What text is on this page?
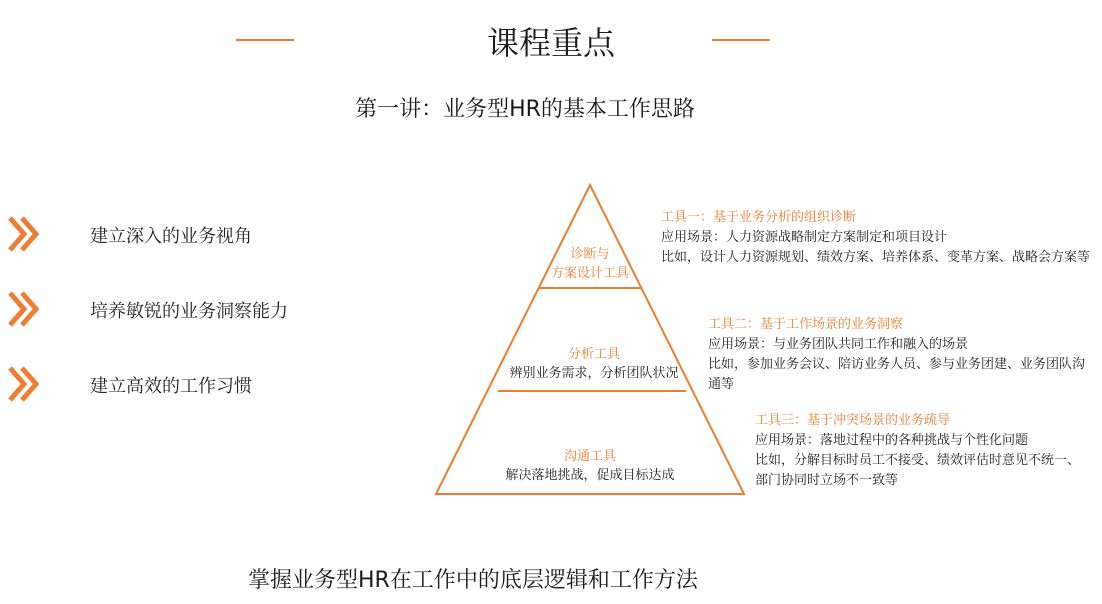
课程重点
第一讲：业务型HR的基本工作思路
建立深入的业务视角
培养敏锐的业务洞察能力
建立高效的工作习惯
诊断与
方案设计工具
分析工具
辨别业务需求，分析团队状况
沟通工具
解决落地挑战，促成目标达成
工具一：基于业务分析的组织诊断
应用场景：人力资源战略制定方案制定和项目设计
比如，设计人力资源规划、绩效方案、培养体系、变革方案、战略会方案等
工具二：基于工作场景的业务洞察
应用场景：与业务团队共同工作和融入的场景
比如，参加业务会议、陪访业务人员、参与业务团建、业务团队沟
通等
工具三：基于冲突场景的业务疏导
应用场景：落地过程中的各种挑战与个性化问题
比如，分解目标时员工不接受、绩效评估时意见不统一、
部门协同时立场不一致等
掌握业务型HR在工作中的底层逻辑和工作方法
